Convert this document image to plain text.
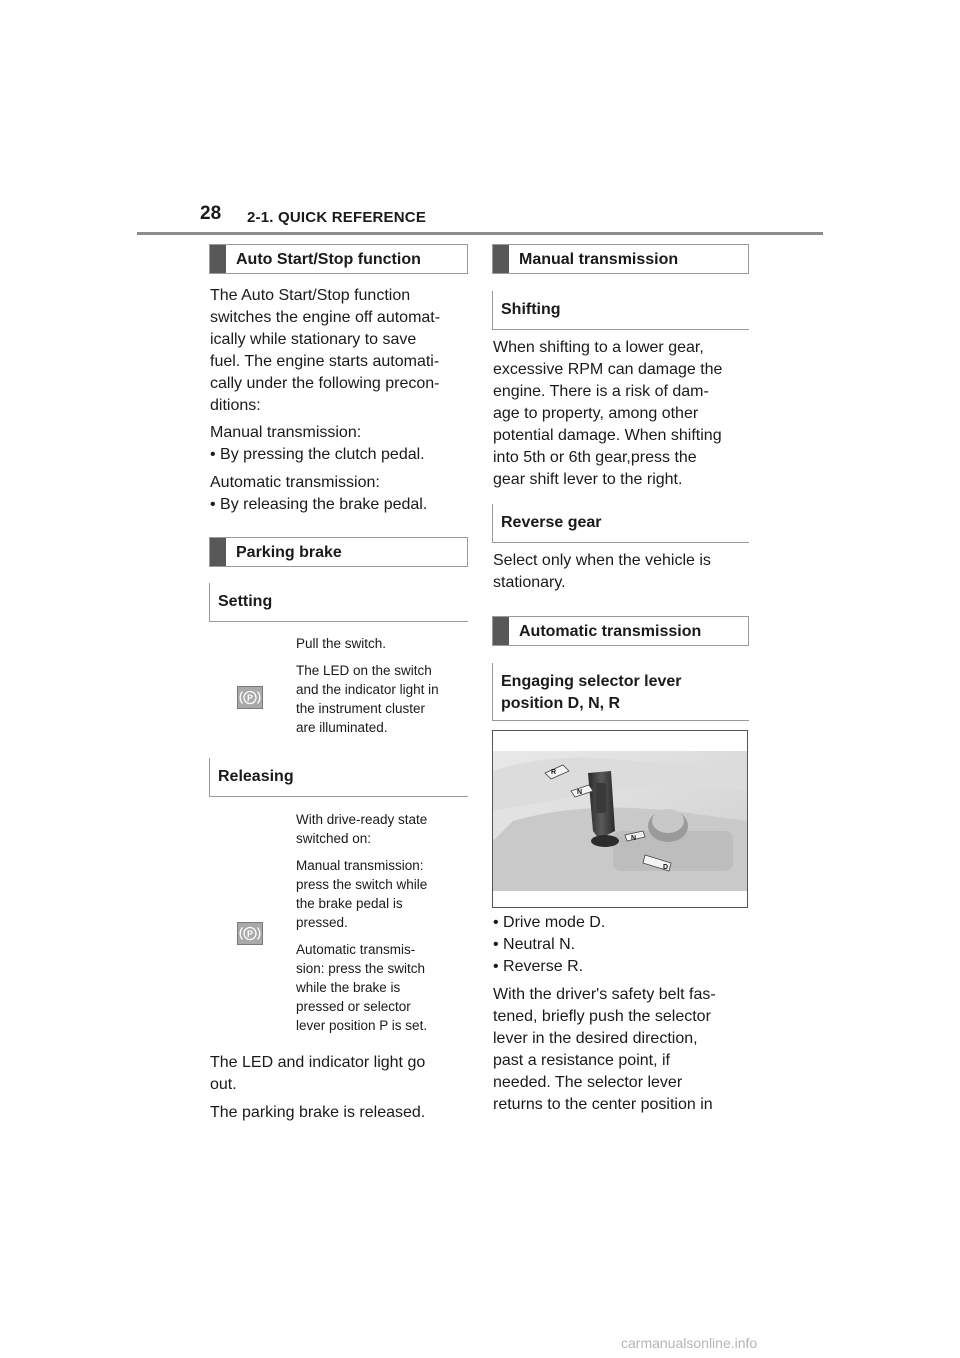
28 2-1. QUICK REFERENCE
Auto Start/Stop function
The Auto Start/Stop function
switches the engine off automat-
ically while stationary to save
fuel. The engine starts automati-
cally under the following precon-
ditions:
Manual transmission:
• By pressing the clutch pedal.
Automatic transmission:
• By releasing the brake pedal.
Parking brake
Setting
P
Pull the switch.
The LED on the switch
and the indicator light in
the instrument cluster
are illuminated.
Releasing
P
With drive-ready state
switched on:
Manual transmission:
press the switch while
the brake pedal is
pressed.
Automatic transmis-
sion: press the switch
while the brake is
pressed or selector
lever position P is set.
The LED and indicator light go
out.
The parking brake is released.
Manual transmission
Shifting
When shifting to a lower gear,
excessive RPM can damage the
engine. There is a risk of dam-
age to property, among other
potential damage. When shifting
into 5th or 6th gear,press the
gear shift lever to the right.
Reverse gear
Select only when the vehicle is
stationary.
Automatic transmission
Engaging selector lever
position D, N, R
R
N
N
D
• Drive mode D.
• Neutral N.
• Reverse R.
With the driver's safety belt fas-
tened, briefly push the selector
lever in the desired direction,
past a resistance point, if
needed. The selector lever
returns to the center position in
carmanualsonline.info
